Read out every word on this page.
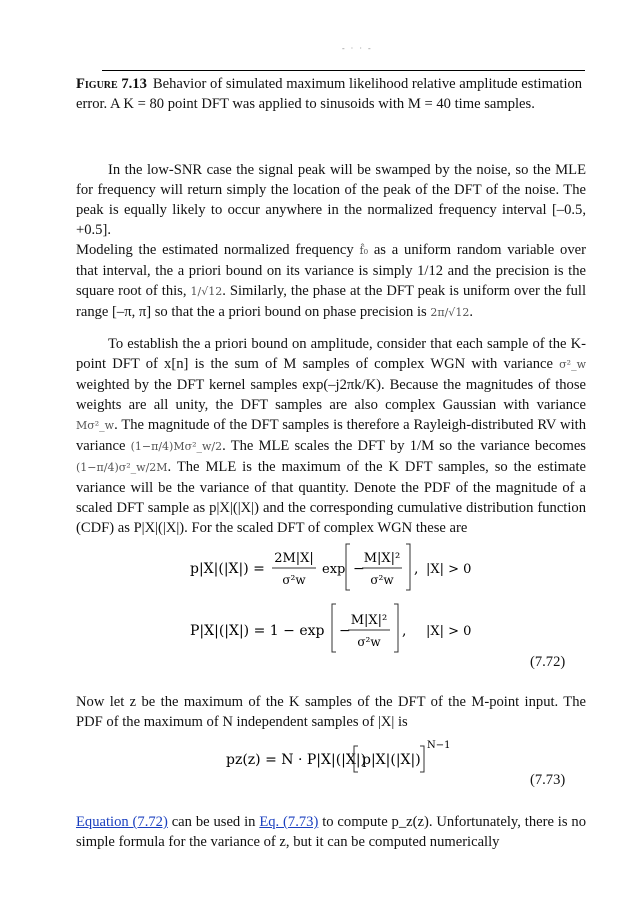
- · · -
Figure 7.13 Behavior of simulated maximum likelihood relative amplitude estimation error. A K = 80 point DFT was applied to sinusoids with M = 40 time samples.

In the low-SNR case the signal peak will be swamped by the noise, so the MLE for frequency will return simply the location of the peak of the DFT of the noise. The peak is equally likely to occur anywhere in the normalized frequency interval [–0.5, +0.5].

Modeling the estimated normalized frequency f̂₀ as a uniform random variable over that interval, the a priori bound on its variance is simply 1/12 and the precision is the square root of this, 1/√12. Similarly, the phase at the DFT peak is uniform over the full range [–π, π] so that the a priori bound on phase precision is 2π/√12.

To establish the a priori bound on amplitude, consider that each sample of the K-point DFT of x[n] is the sum of M samples of complex WGN with variance σ²_w weighted by the DFT kernel samples exp(–j2πk/K). Because the magnitudes of those weights are all unity, the DFT samples are also complex Gaussian with variance Mσ²_w. The magnitude of the DFT samples is therefore a Rayleigh-distributed RV with variance (1−π/4)Mσ²_w/2. The MLE scales the DFT by 1/M so the variance becomes (1−π/4)σ²_w/2M. The MLE is the maximum of the K DFT samples, so the estimate variance will be the variance of that quantity. Denote the PDF of the magnitude of a scaled DFT sample as p|X|(|X|) and the corresponding cumulative distribution function (CDF) as P|X|(|X|). For the scaled DFT of complex WGN these are

p|X|(|X|) =
2M|X|
σ²w
exp −
M|X|²
σ²w
, |X| > 0
P|X|(|X|) = 1 − exp −
M|X|²
σ²w
, |X| > 0
(7.72)

Now let z be the maximum of the K samples of the DFT of the M-point input. The PDF of the maximum of N independent samples of |X| is

pz(z) = N · P|X|(|X|)
p|X|(|X|)
N−1
(7.73)

Equation (7.72) can be used in Eq. (7.73) to compute p_z(z). Unfortunately, there is no simple formula for the variance of z, but it can be computed numerically
